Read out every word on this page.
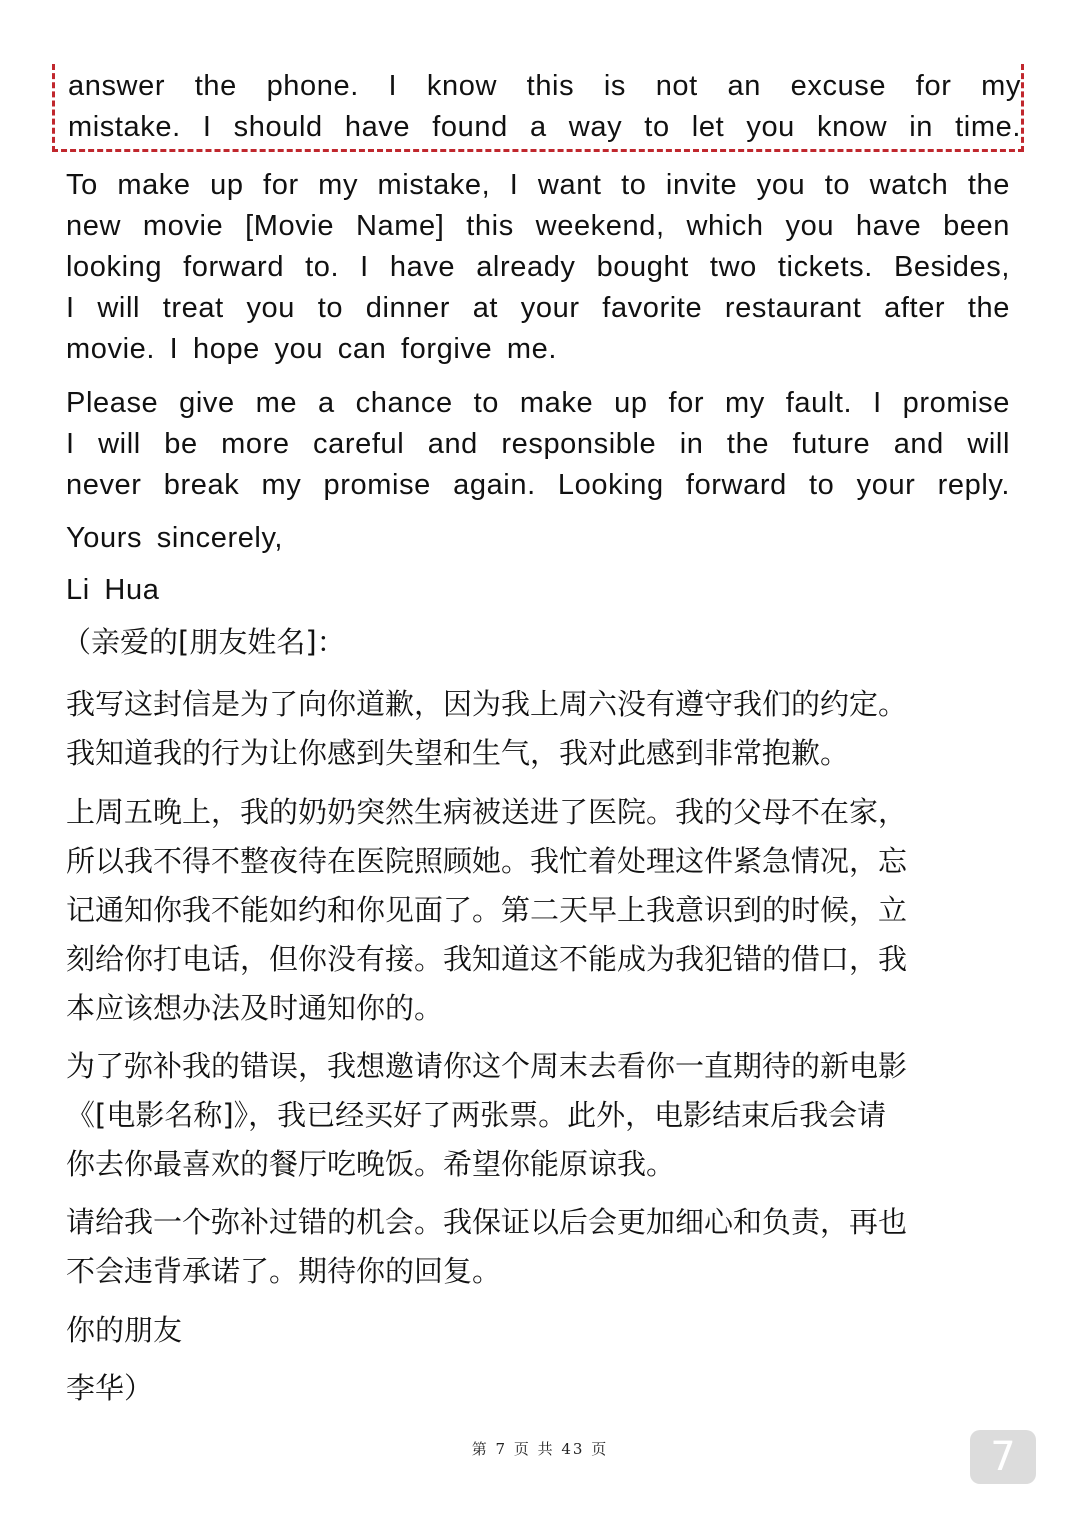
answer the phone. I know this is not an excuse for my

mistake. I should have found a way to let you know in time.

To make up for my mistake, I want to invite you to watch the

new movie [Movie Name] this weekend, which you have been

looking forward to. I have already bought two tickets. Besides,

I will treat you to dinner at your favorite restaurant after the

movie. I hope you can forgive me.

Please give me a chance to make up for my fault. I promise

I will be more careful and responsible in the future and will

never break my promise again. Looking forward to your reply.

Yours sincerely,

Li Hua

（亲爱的[朋友姓名]：

我写这封信是为了向你道歉，因为我上周六没有遵守我们的约定。

我知道我的行为让你感到失望和生气，我对此感到非常抱歉。

上周五晚上，我的奶奶突然生病被送进了医院。我的父母不在家，

所以我不得不整夜待在医院照顾她。我忙着处理这件紧急情况，忘

记通知你我不能如约和你见面了。第二天早上我意识到的时候，立

刻给你打电话，但你没有接。我知道这不能成为我犯错的借口，我

本应该想办法及时通知你的。

为了弥补我的错误，我想邀请你这个周末去看你一直期待的新电影

《[电影名称]》，我已经买好了两张票。此外，电影结束后我会请

你去你最喜欢的餐厅吃晚饭。希望你能原谅我。

请给我一个弥补过错的机会。我保证以后会更加细心和负责，再也

不会违背承诺了。期待你的回复。

你的朋友

李华）

第 7 页 共 43 页	7
